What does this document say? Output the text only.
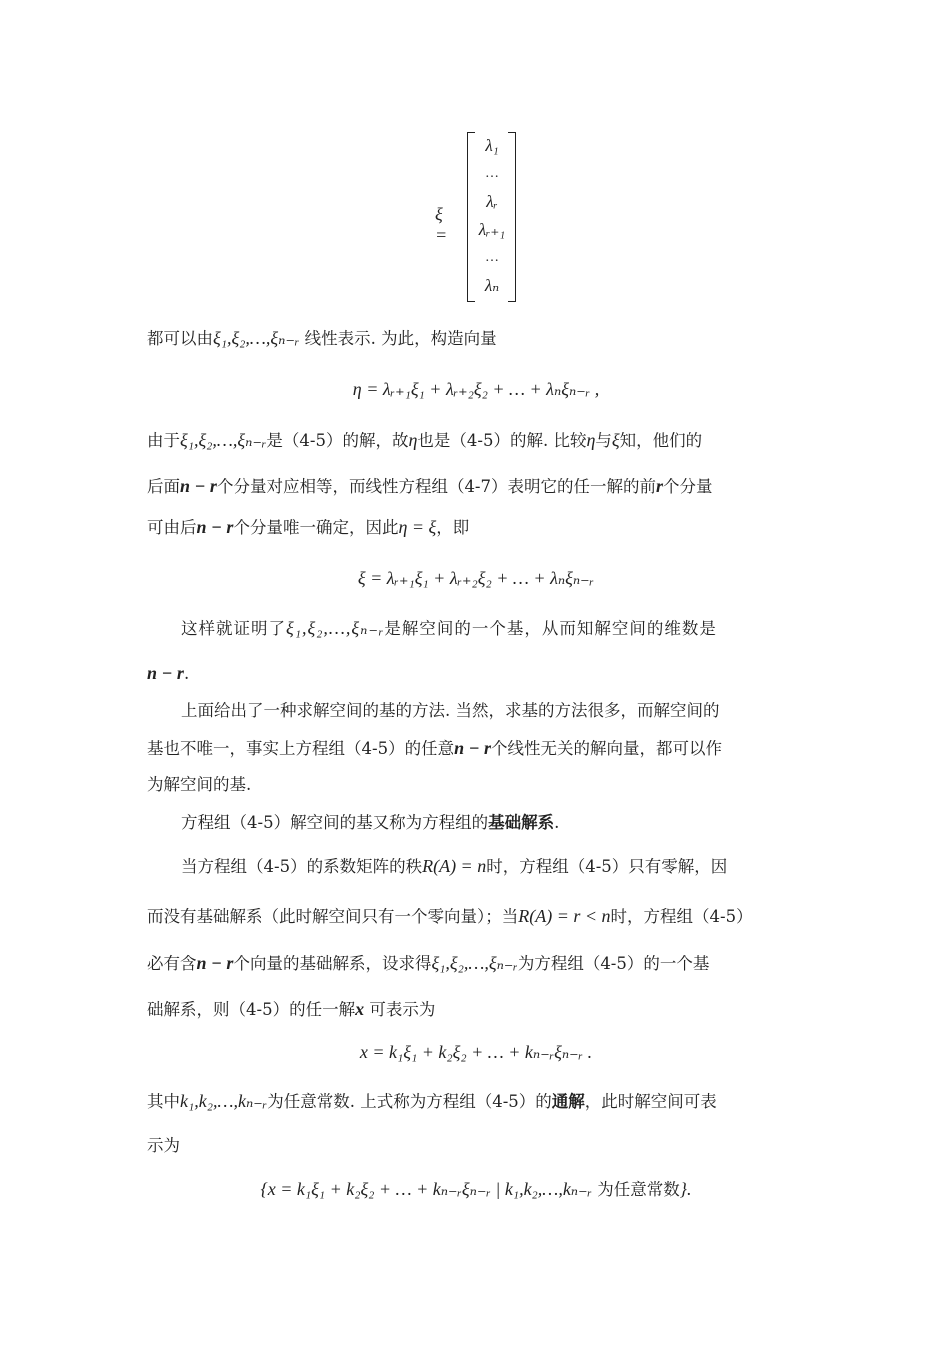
ξ =
λ₁
…
λᵣ
λᵣ₊₁
…
λₙ
都可以由ξ₁,ξ₂,…,ξₙ₋ᵣ 线性表示. 为此，构造向量
η = λᵣ₊₁ξ₁ + λᵣ₊₂ξ₂ + … + λₙξₙ₋ᵣ ,
由于ξ₁,ξ₂,…,ξₙ₋ᵣ是（4-5）的解，故η也是（4-5）的解. 比较η与ξ知，他们的
后面n − r个分量对应相等，而线性方程组（4-7）表明它的任一解的前r个分量
可由后n − r个分量唯一确定，因此η = ξ，即
ξ = λᵣ₊₁ξ₁ + λᵣ₊₂ξ₂ + … + λₙξₙ₋ᵣ
这样就证明了ξ₁,ξ₂,…,ξₙ₋ᵣ是解空间的一个基，从而知解空间的维数是
n − r.
上面给出了一种求解空间的基的方法. 当然，求基的方法很多，而解空间的
基也不唯一，事实上方程组（4-5）的任意n − r个线性无关的解向量，都可以作
为解空间的基.
方程组（4-5）解空间的基又称为方程组的基础解系.
当方程组（4-5）的系数矩阵的秩R(A) = n时，方程组（4-5）只有零解，因
而没有基础解系（此时解空间只有一个零向量）；当R(A) = r < n时，方程组（4-5）
必有含n − r个向量的基础解系，设求得ξ₁,ξ₂,…,ξₙ₋ᵣ为方程组（4-5）的一个基
础解系，则（4-5）的任一解x 可表示为
x = k₁ξ₁ + k₂ξ₂ + … + kₙ₋ᵣξₙ₋ᵣ .
其中k₁,k₂,…,kₙ₋ᵣ为任意常数. 上式称为方程组（4-5）的通解，此时解空间可表
示为
{x = k₁ξ₁ + k₂ξ₂ + … + kₙ₋ᵣξₙ₋ᵣ | k₁,k₂,…,kₙ₋ᵣ 为任意常数}.
